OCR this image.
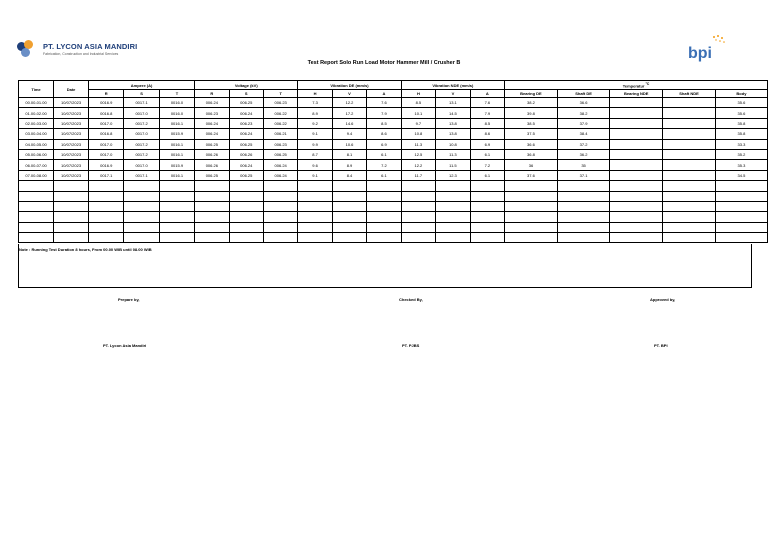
PT. LYCON ASIA MANDIRI
Fabrication, Construction and Industrial Services	bpi
Test Report Solo Run Load Motor Hammer Mill / Crusher B
Time	Date	Ampere (A)			Voltage (kV)			Vibration DE (mm/s)			Vibration NDE (mm/s)			Temperatur $^{^\circ C}$
		R	S	T	R	S	T	H	V	A	H	V	A	Bearing DE	Shaft DE	Bearing NDE	Shaft NDE	Body
00.00-01.00	10/07/2023	0016.9	0017.1	0016.0	006.24	006.25	006.23	7.3	12.2	7.6	8.5	13.1	7.6	38.2	36.6			35.6
01.00-02.00	10/07/2023	0016.8	0017.0	0016.0	006.23	006.24	006.22	8.9	17.2	7.9	10.1	14.5	7.9	39.8	38.2			35.6
02.00-03.00	10/07/2023	0017.0	0017.2	0016.1	006.24	006.23	006.22	9.2	14.6	8.5	9.7	13.8	8.5	38.5	37.9			35.8
03.00-04.00	10/07/2023	0016.8	0017.0	0015.9	006.24	006.24	006.21	9.1	9.4	8.6	10.8	13.8	8.6	37.5	38.4			35.8
04.00-05.00	10/07/2023	0017.0	0017.2	0016.1	006.25	006.25	006.23	9.9	10.6	6.9	11.3	10.8	6.9	36.6	37.2			33.3
05.00-06.00	10/07/2023	0017.0	0017.2	0016.1	006.26	006.26	006.25	8.7	8.1	6.1	12.5	11.3	6.1	36.8	36.2			35.2
06.00-07.00	10/07/2023	0016.9	0017.0	0015.9	006.26	006.24	006.24	9.6	8.9	7.2	12.2	11.5	7.2	36	35			35.3
07.00-08.00	10/07/2023	0017.1	0017.1	0016.1	006.25	006.25	006.24	9.1	8.4	6.1	11.7	12.3	6.1	37.6	37.1			34.5

Note : Running Test Duration 8 hours, From 00.00 WIB until 08.00 WIB
Prepare by,	Checked By,	Approved by,
PT. Lycon Asia Mandiri	PT. PJBS	PT. BPI
